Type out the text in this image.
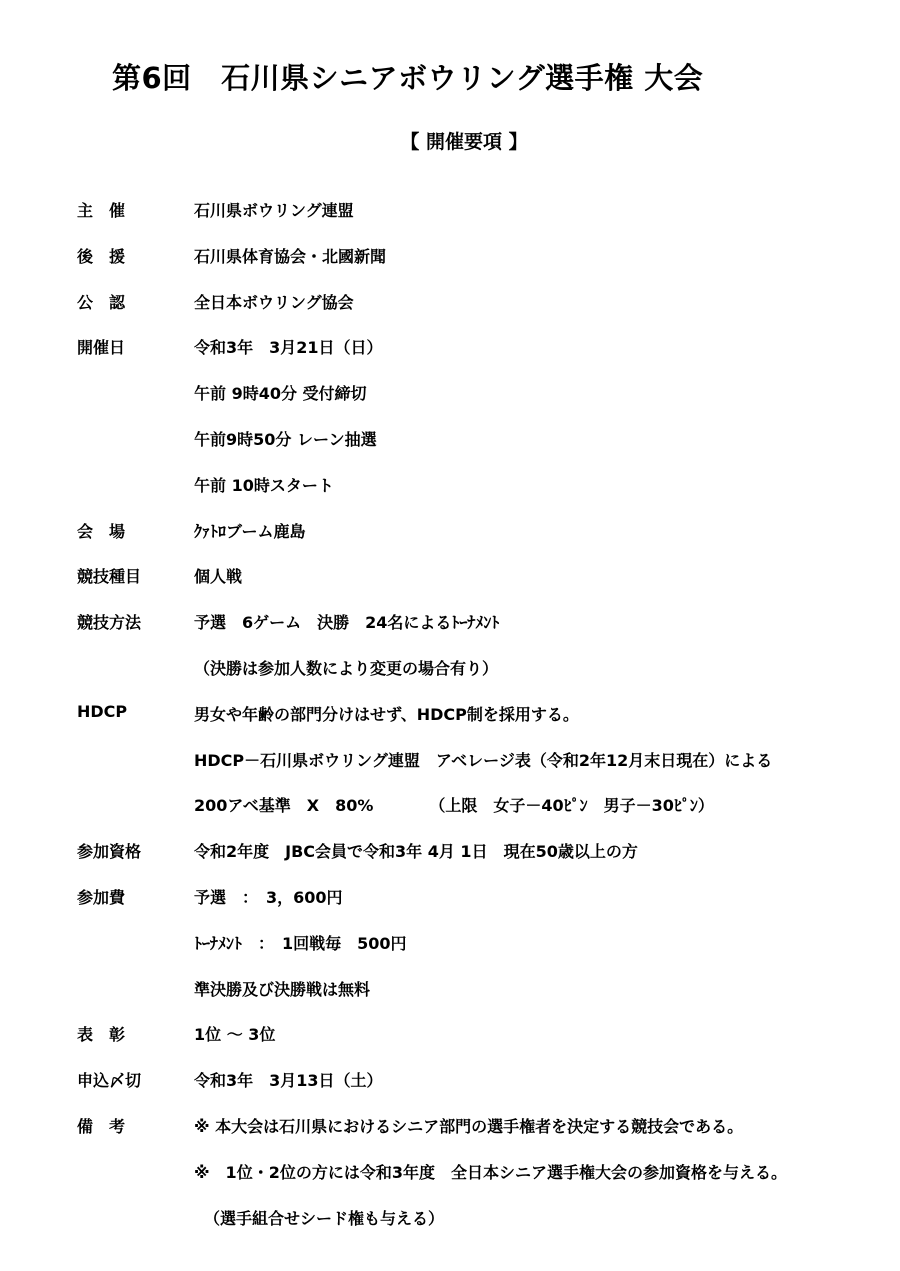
第6回　石川県シニアボウリング選手権 大会
【 開催要項 】
主　催	石川県ボウリング連盟
後　援	石川県体育協会・北國新聞
公　認	全日本ボウリング協会
開催日	令和3年　3月21日（日）
午前 9時40分 受付締切
午前9時50分 レーン抽選
午前 10時スタート
会　場	ｸｧﾄﾛブーム鹿島
競技種目	個人戦
競技方法	予選　6ゲーム　決勝　24名によるﾄｰﾅﾒﾝﾄ
（決勝は参加人数により変更の場合有り）
HDCP	男女や年齢の部門分けはせず、HDCP制を採用する。
HDCP－石川県ボウリング連盟　アベレージ表（令和2年12月末日現在）による
200アベ基準　X　80%　　　　（上限　女子－40ﾋﾟﾝ　男子－30ﾋﾟﾝ）
参加資格	令和2年度　JBC会員で令和3年 4月 1日　現在50歳以上の方
参加費	予選　：　3，600円
ﾄｰﾅﾒﾝﾄ　：　1回戦毎　500円
準決勝及び決勝戦は無料
表　彰	1位 ～ 3位
申込〆切	令和3年　3月13日（土）
備　考	※ 本大会は石川県におけるシニア部門の選手権者を決定する競技会である。
※　1位・2位の方には令和3年度　全日本シニア選手権大会の参加資格を与える。
（選手組合せシード権も与える）
